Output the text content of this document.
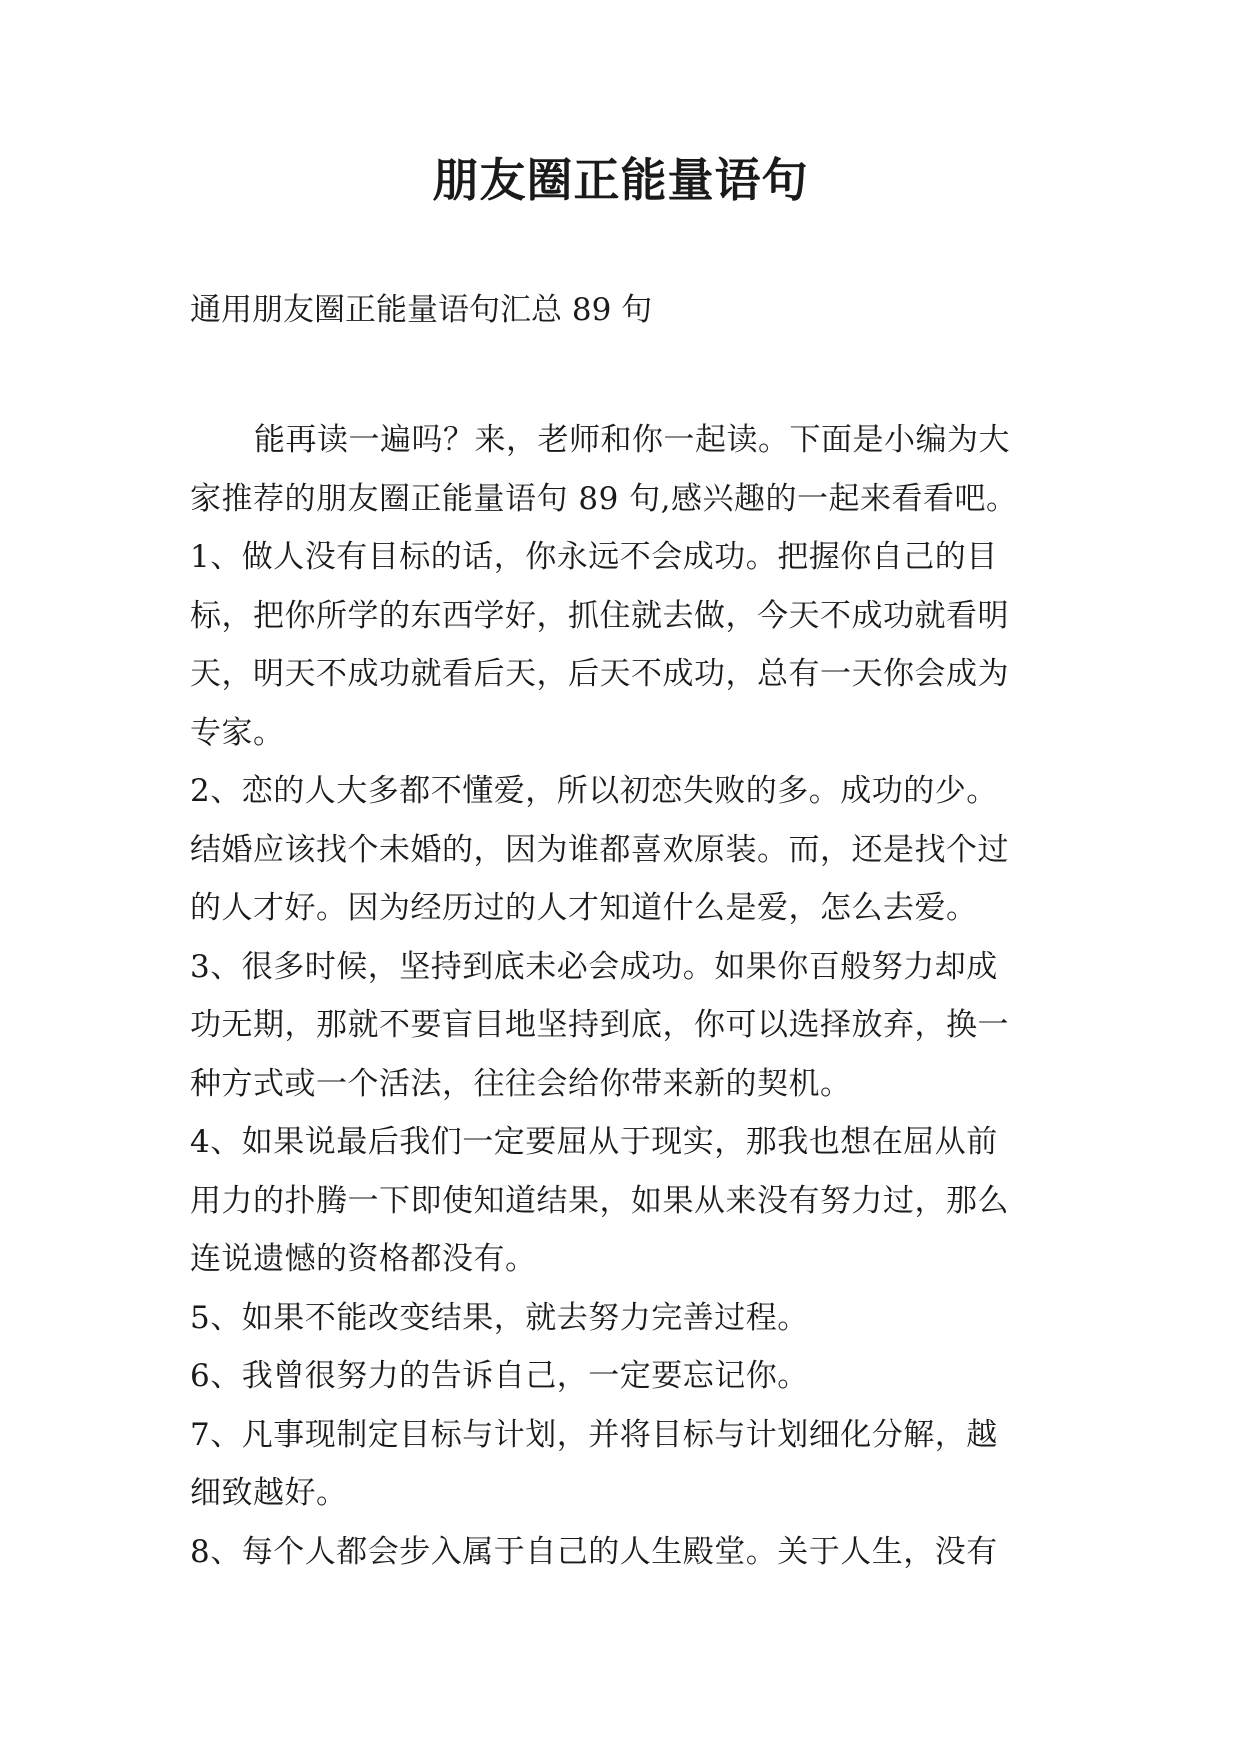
朋友圈正能量语句
通用朋友圈正能量语句汇总 89 句
能再读一遍吗？来，老师和你一起读。下面是小编为大
家推荐的朋友圈正能量语句 89 句,感兴趣的一起来看看吧。
1、做人没有目标的话，你永远不会成功。把握你自己的目
标，把你所学的东西学好，抓住就去做，今天不成功就看明
天，明天不成功就看后天，后天不成功，总有一天你会成为
专家。
2、恋的人大多都不懂爱，所以初恋失败的多。成功的少。
结婚应该找个未婚的，因为谁都喜欢原装。而，还是找个过
的人才好。因为经历过的人才知道什么是爱，怎么去爱。
3、很多时候，坚持到底未必会成功。如果你百般努力却成
功无期，那就不要盲目地坚持到底，你可以选择放弃，换一
种方式或一个活法，往往会给你带来新的契机。
4、如果说最后我们一定要屈从于现实，那我也想在屈从前
用力的扑腾一下即使知道结果，如果从来没有努力过，那么
连说遗憾的资格都没有。
5、如果不能改变结果，就去努力完善过程。
6、我曾很努力的告诉自己，一定要忘记你。
7、凡事现制定目标与计划，并将目标与计划细化分解，越
细致越好。
8、每个人都会步入属于自己的人生殿堂。关于人生，没有
